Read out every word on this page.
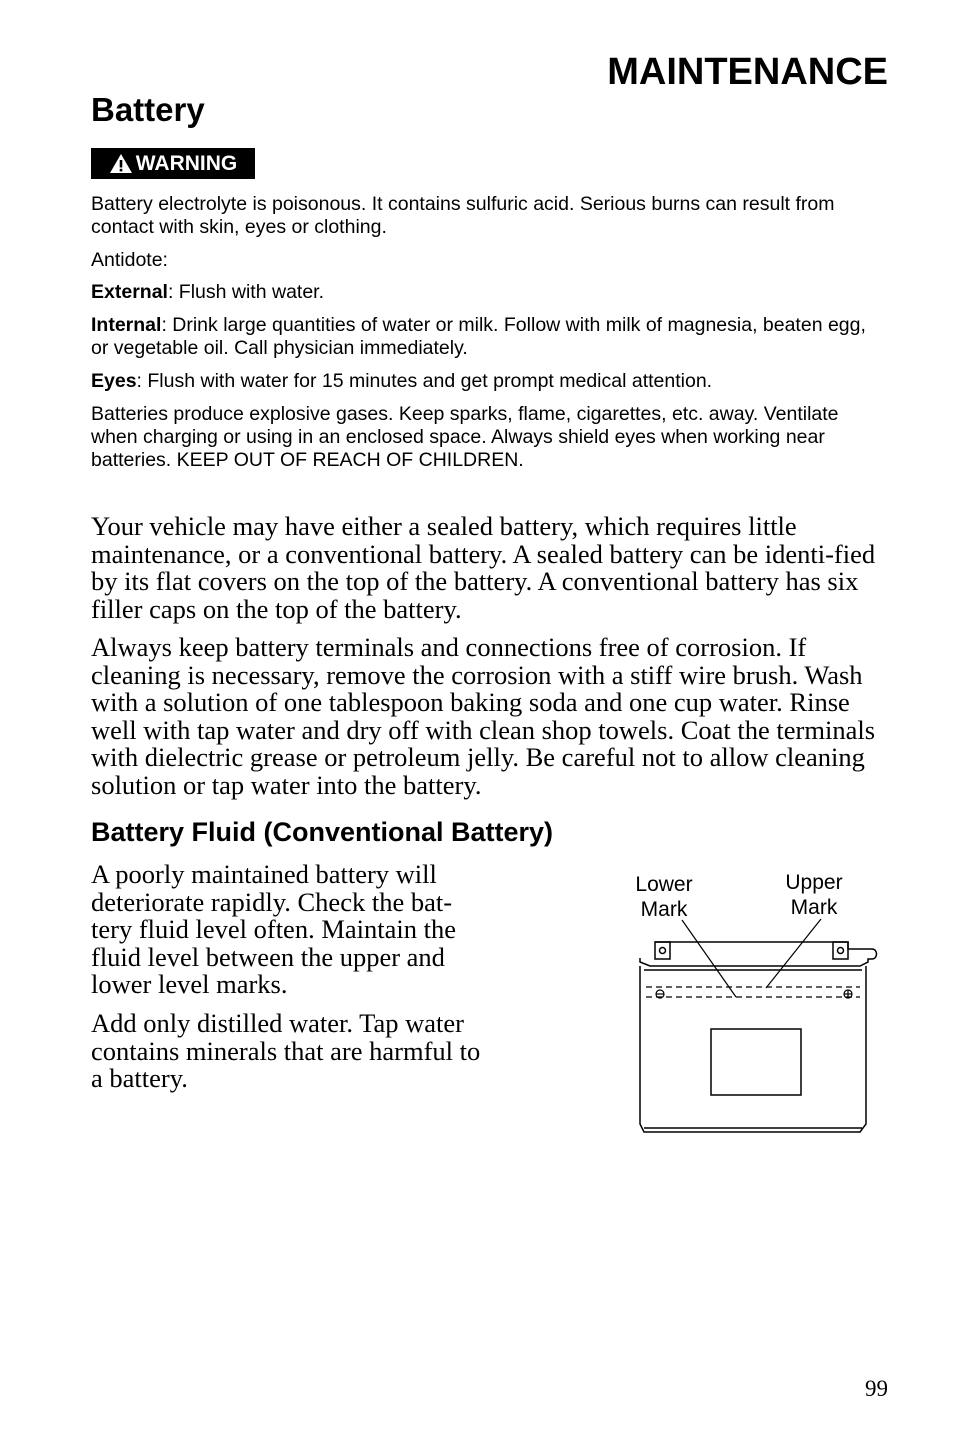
MAINTENANCE
Battery
WARNING
Battery electrolyte is poisonous. It contains sulfuric acid. Serious burns can result from contact with skin, eyes or clothing.
Antidote:
External: Flush with water.
Internal: Drink large quantities of water or milk. Follow with milk of magnesia, beaten egg, or vegetable oil. Call physician immediately.
Eyes: Flush with water for 15 minutes and get prompt medical attention.
Batteries produce explosive gases. Keep sparks, flame, cigarettes, etc. away. Ventilate when charging or using in an enclosed space. Always shield eyes when working near batteries. KEEP OUT OF REACH OF CHILDREN.

Your vehicle may have either a sealed battery, which requires little maintenance, or a conventional battery. A sealed battery can be identi-fied by its flat covers on the top of the battery. A conventional battery has six filler caps on the top of the battery.

Always keep battery terminals and connections free of corrosion. If cleaning is necessary, remove the corrosion with a stiff wire brush. Wash with a solution of one tablespoon baking soda and one cup water. Rinse well with tap water and dry off with clean shop towels. Coat the terminals with dielectric grease or petroleum jelly. Be careful not to allow cleaning solution or tap water into the battery.

Battery Fluid (Conventional Battery)

A poorly maintained battery will deteriorate rapidly. Check the bat-tery fluid level often. Maintain the fluid level between the upper and lower level marks.

Add only distilled water. Tap water contains minerals that are harmful to a battery.

Lower
Mark
Upper
Mark
99
